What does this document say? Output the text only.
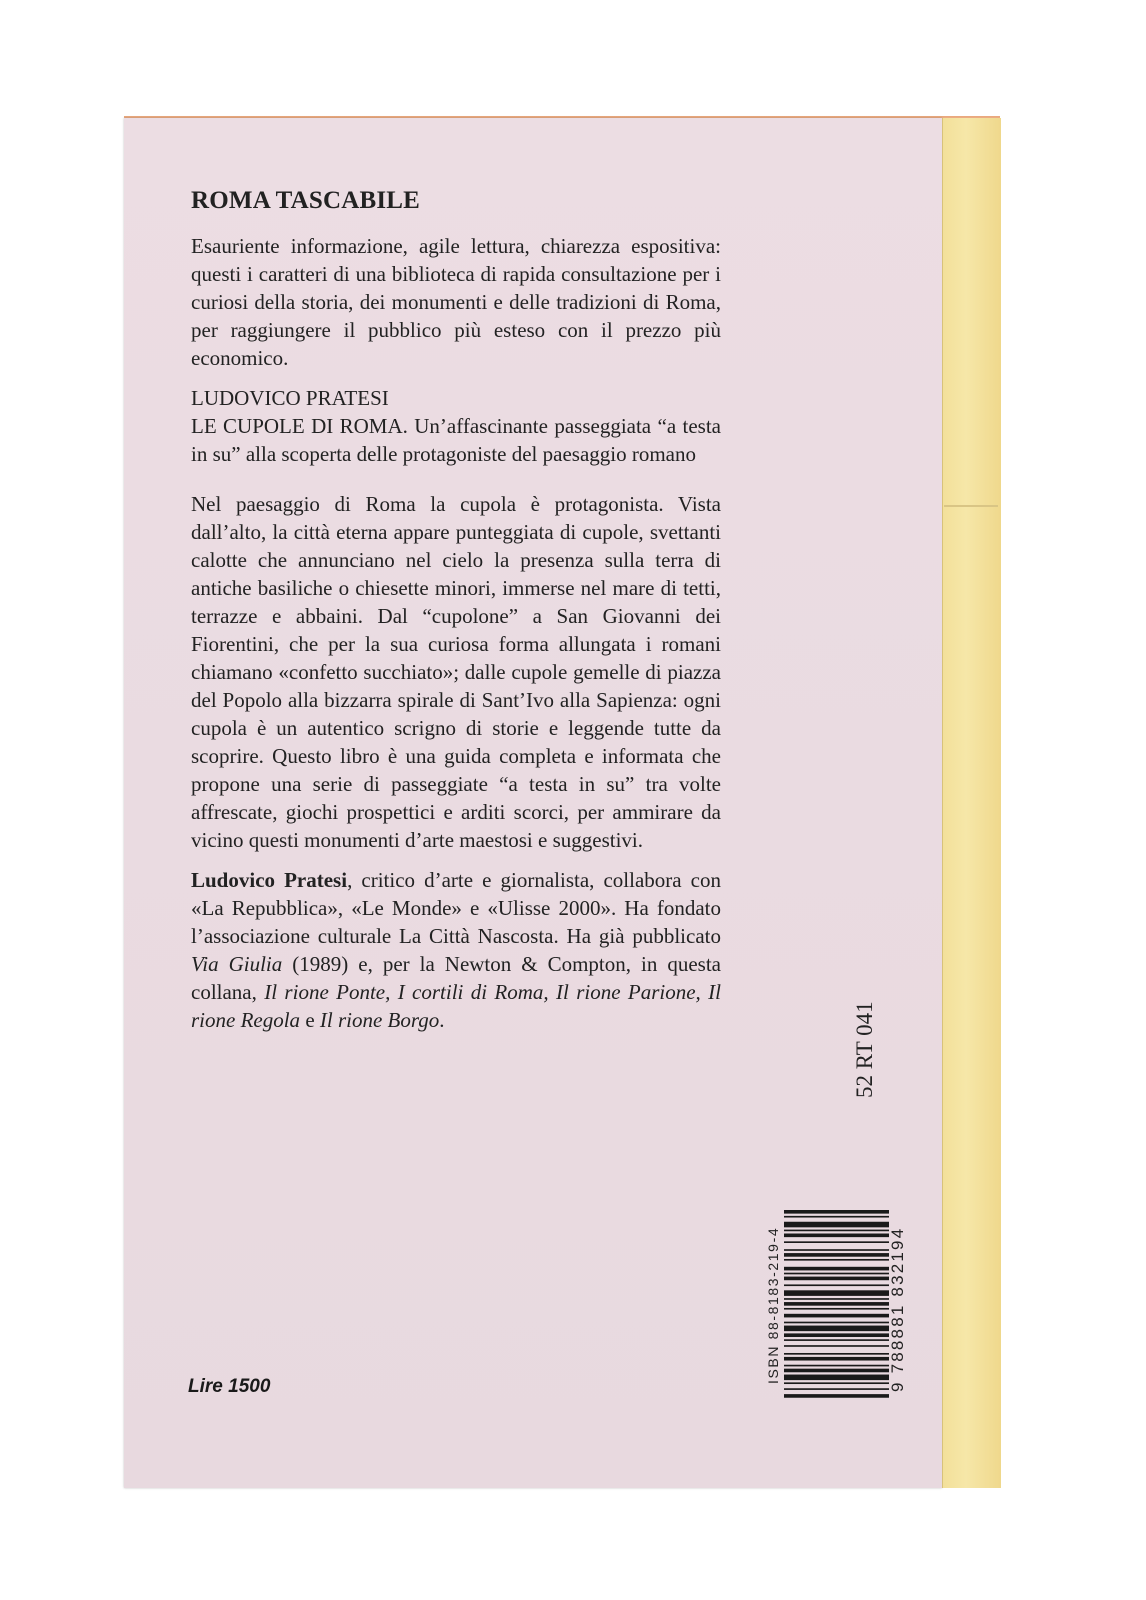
ROMA TASCABILE

Esauriente informazione, agile lettura, chiarezza espositiva: questi i caratteri di una biblioteca di rapida consultazione per i curiosi della storia, dei monumenti e delle tradizioni di Roma, per raggiungere il pubblico più esteso con il prezzo più economico.

LUDOVICO PRATESI

LE CUPOLE DI ROMA. Un’affascinante passeggiata “a testa in su” alla scoperta delle protagoniste del paesaggio romano

Nel paesaggio di Roma la cupola è protagonista. Vista dall’alto, la città eterna appare punteggiata di cupole, svettanti calotte che annunciano nel cielo la presenza sulla terra di antiche basiliche o chiesette minori, immerse nel mare di tetti, terrazze e abbaini. Dal “cupolone” a San Giovanni dei Fiorentini, che per la sua curiosa forma allungata i romani chiamano «confetto succhiato»; dalle cupole gemelle di piazza del Popolo alla bizzarra spirale di Sant’Ivo alla Sapienza: ogni cupola è un autentico scrigno di storie e leggende tutte da scoprire. Questo libro è una guida completa e informata che propone una serie di passeggiate “a testa in su” tra volte affrescate, giochi prospettici e arditi scorci, per ammirare da vicino questi monumenti d’arte maestosi e suggestivi.

Ludovico Pratesi, critico d’arte e giornalista, collabora con «La Repubblica», «Le Monde» e «Ulisse 2000». Ha fondato l’associazione culturale La Città Nascosta. Ha già pubblicato Via Giulia (1989) e, per la Newton & Compton, in questa collana, Il rione Ponte, I cortili di Roma, Il rione Parione, Il rione Regola e Il rione Borgo.

Lire 1500
52 RT 041
ISBN 88-8183-219-4	9 788881 832194
